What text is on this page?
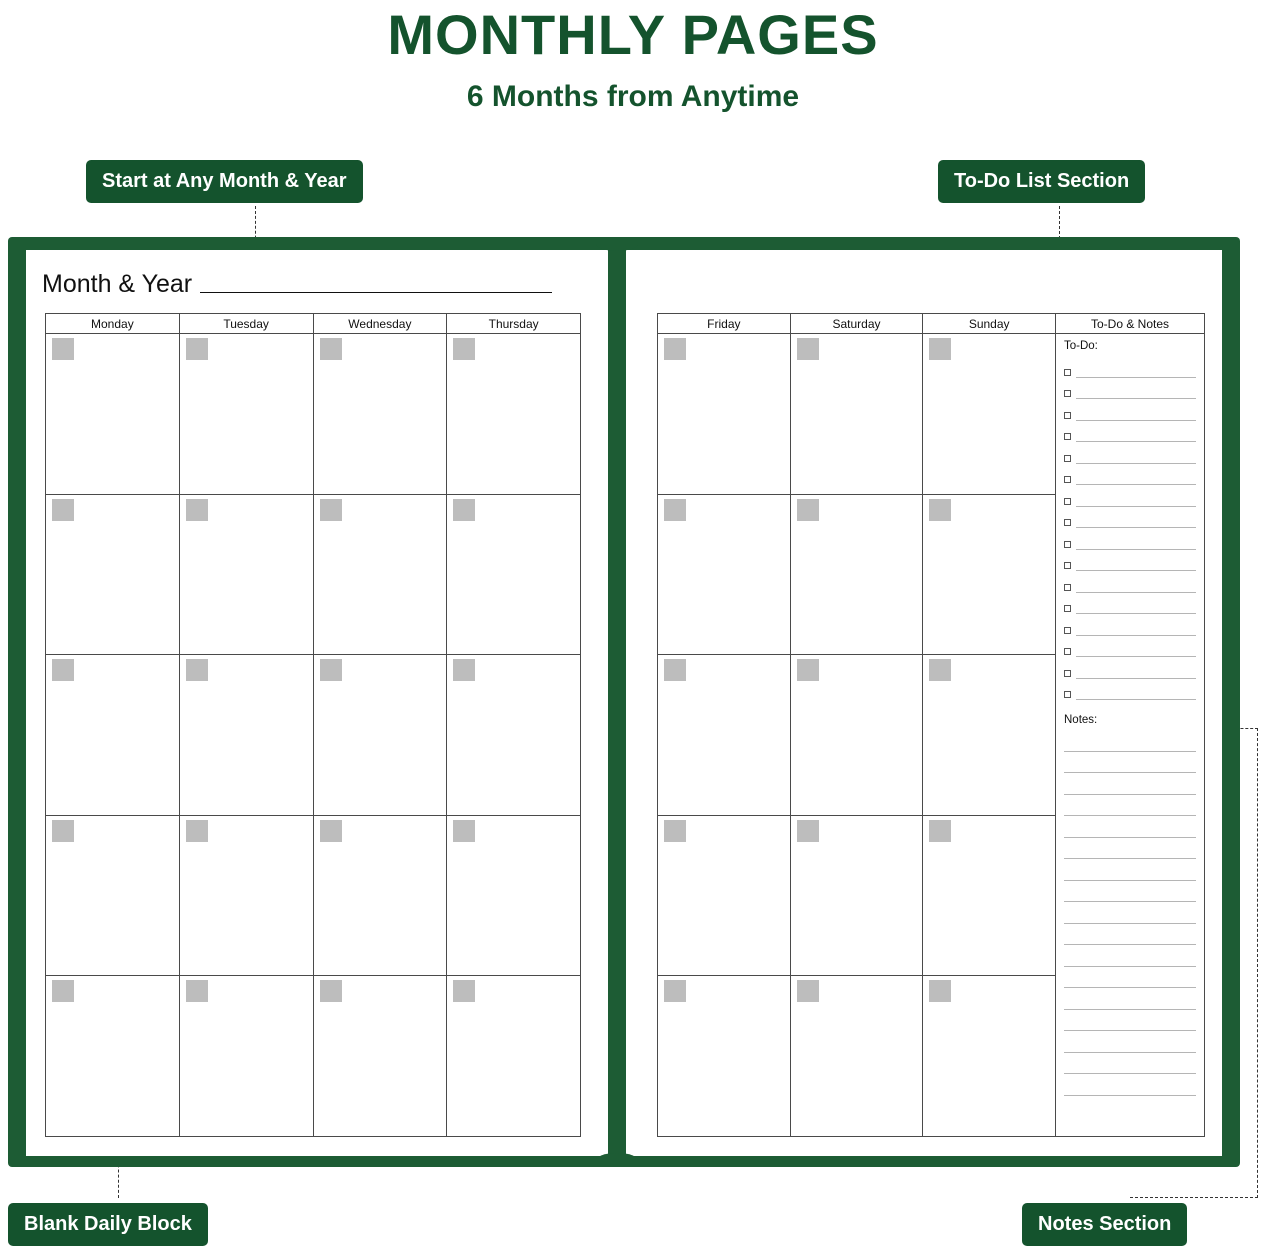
MONTHLY PAGES
6 Months from Anytime
Start at Any Month & Year	To-Do List Section
Blank Daily Block	Notes Section
Month & Year
Monday	Tuesday	Wednesday	Thursday	Friday	Saturday	Sunday	To-Do & Notes
To-Do:
Notes:
